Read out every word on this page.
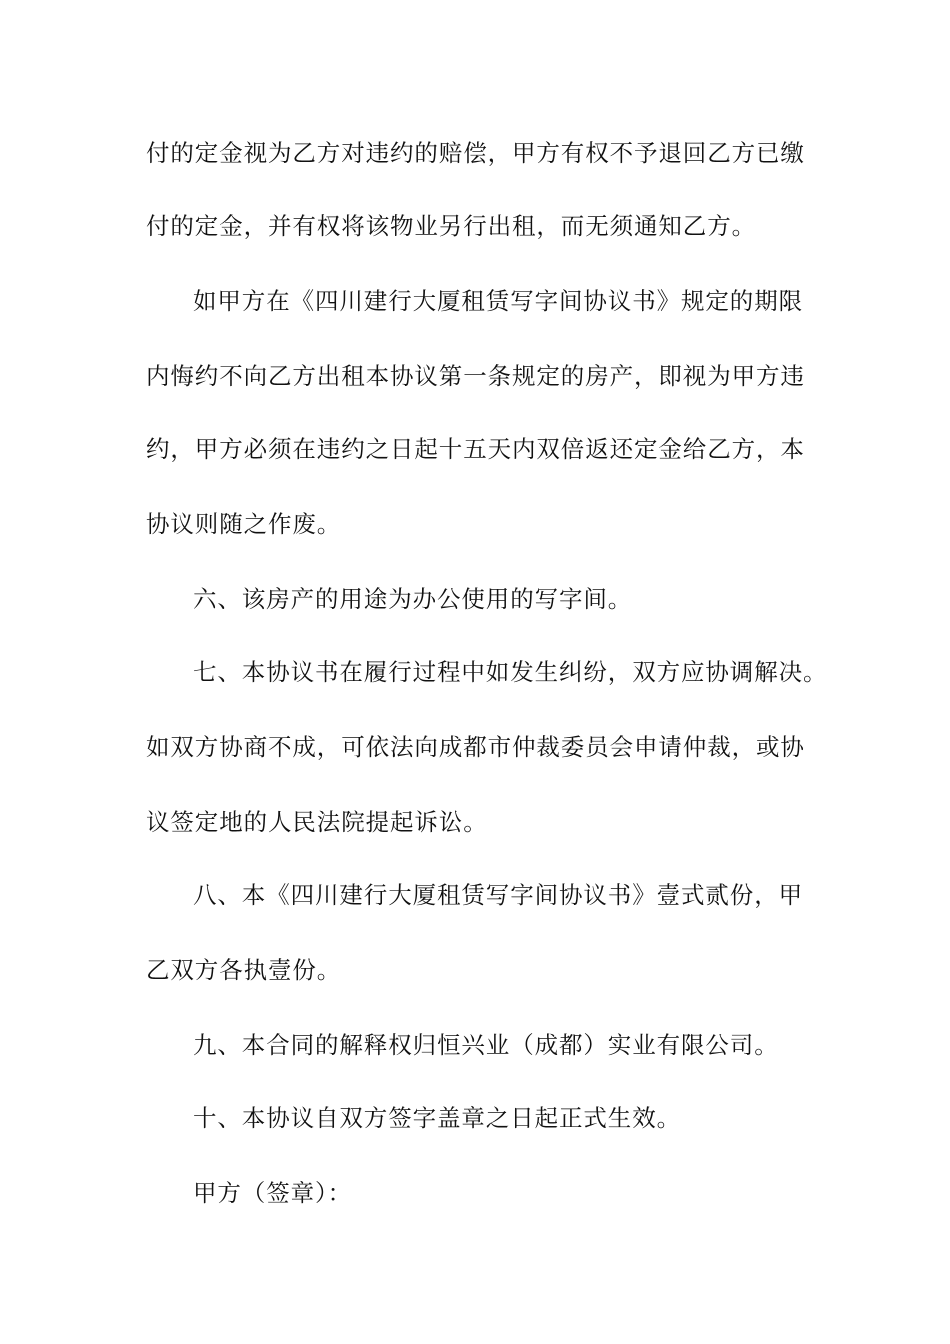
付的定金视为乙方对违约的赔偿，甲方有权不予退回乙方已缴
付的定金，并有权将该物业另行出租，而无须通知乙方。
如甲方在《四川建行大厦租赁写字间协议书》规定的期限
内悔约不向乙方出租本协议第一条规定的房产，即视为甲方违
约，甲方必须在违约之日起十五天内双倍返还定金给乙方，本
协议则随之作废。
六、该房产的用途为办公使用的写字间。
七、本协议书在履行过程中如发生纠纷，双方应协调解决。
如双方协商不成，可依法向成都市仲裁委员会申请仲裁，或协
议签定地的人民法院提起诉讼。
八、本《四川建行大厦租赁写字间协议书》壹式贰份，甲
乙双方各执壹份。
九、本合同的解释权归恒兴业（成都）实业有限公司。
十、本协议自双方签字盖章之日起正式生效。
甲方（签章）：
